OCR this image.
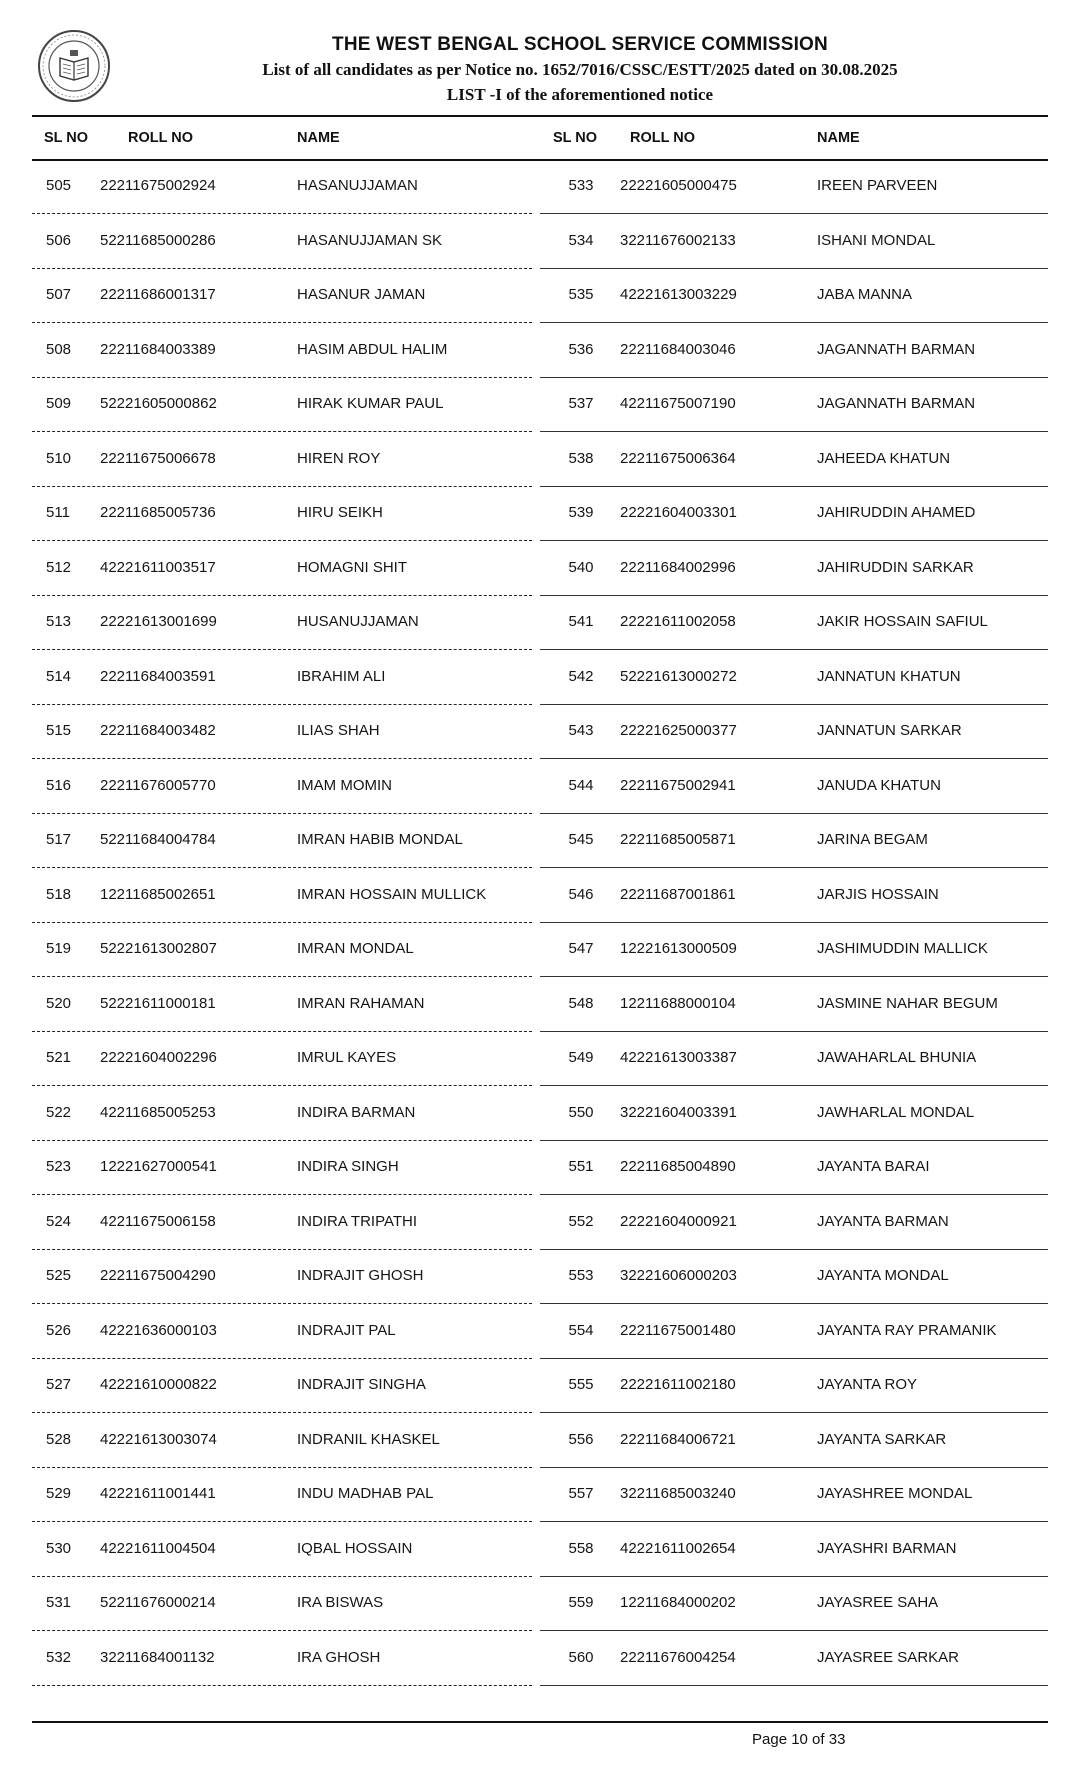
THE WEST BENGAL SCHOOL SERVICE COMMISSION
List of all candidates as per Notice no. 1652/7016/CSSC/ESTT/2025 dated on 30.08.2025
LIST -I of the aforementioned notice
SL NO	ROLL NO	NAME	SL NO ROLL NO	NAME
505 22211675002924	HASANUJJAMAN	533 22221605000475	IREEN PARVEEN
506 52211685000286	HASANUJJAMAN SK	534 32211676002133	ISHANI MONDAL
507 22211686001317	HASANUR JAMAN	535 42221613003229	JABA MANNA
508 22211684003389	HASIM ABDUL HALIM	536 22211684003046	JAGANNATH BARMAN
509 52221605000862	HIRAK KUMAR PAUL	537 42211675007190	JAGANNATH BARMAN
510 22211675006678	HIREN ROY	538 22211675006364	JAHEEDA KHATUN
511 22211685005736	HIRU SEIKH	539 22221604003301	JAHIRUDDIN AHAMED
512 42221611003517	HOMAGNI SHIT	540 22211684002996	JAHIRUDDIN SARKAR
513 22221613001699	HUSANUJJAMAN	541 22221611002058	JAKIR HOSSAIN SAFIUL
514 22211684003591	IBRAHIM ALI	542 52221613000272	JANNATUN KHATUN
515 22211684003482	ILIAS SHAH	543 22221625000377	JANNATUN SARKAR
516 22211676005770	IMAM MOMIN	544 22211675002941	JANUDA KHATUN
517 52211684004784	IMRAN HABIB MONDAL	545 22211685005871	JARINA BEGAM
518 12211685002651	IMRAN HOSSAIN MULLICK	546 22211687001861	JARJIS HOSSAIN
519 52221613002807	IMRAN MONDAL	547 12221613000509	JASHIMUDDIN MALLICK
520 52221611000181	IMRAN RAHAMAN	548 12211688000104	JASMINE NAHAR BEGUM
521 22221604002296	IMRUL KAYES	549 42221613003387	JAWAHARLAL BHUNIA
522 42211685005253	INDIRA BARMAN	550 32221604003391	JAWHARLAL MONDAL
523 12221627000541	INDIRA SINGH	551 22211685004890	JAYANTA BARAI
524 42211675006158	INDIRA TRIPATHI	552 22221604000921	JAYANTA BARMAN
525 22211675004290	INDRAJIT GHOSH	553 32221606000203	JAYANTA MONDAL
526 42221636000103	INDRAJIT PAL	554 22211675001480	JAYANTA RAY PRAMANIK
527 42221610000822	INDRAJIT SINGHA	555 22221611002180	JAYANTA ROY
528 42221613003074	INDRANIL KHASKEL	556 22211684006721	JAYANTA SARKAR
529 42221611001441	INDU MADHAB PAL	557 32211685003240	JAYASHREE MONDAL
530 42221611004504	IQBAL HOSSAIN	558 42221611002654	JAYASHRI BARMAN
531 52211676000214	IRA BISWAS	559 12211684000202	JAYASREE SAHA
532 32211684001132	IRA GHOSH	560 22211676004254	JAYASREE SARKAR
Page 10 of 33
